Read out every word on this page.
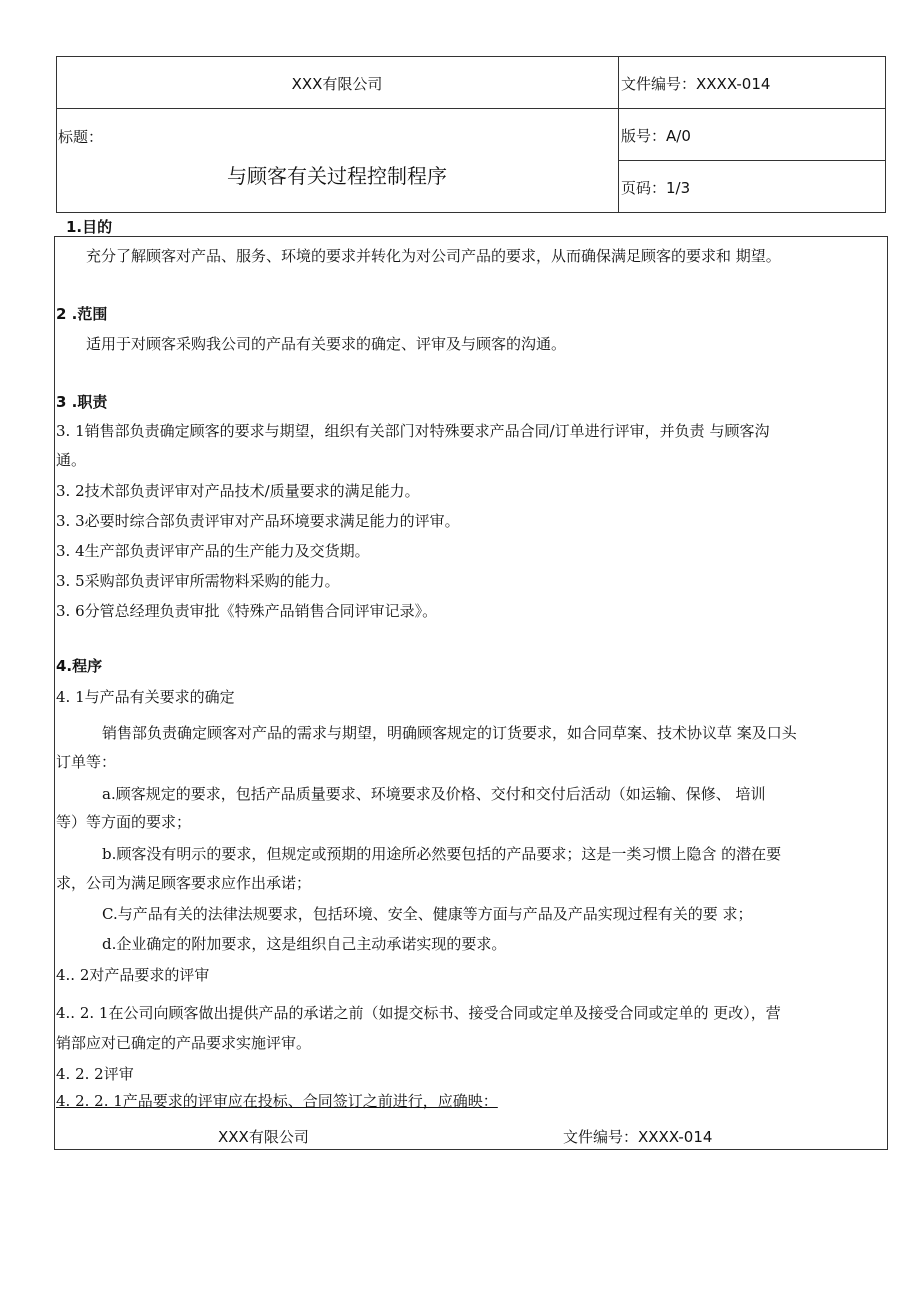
XXX有限公司	文件编号：XXXX-014
标题：
与顾客有关过程控制程序
版号：A/0
页码：1/3
1.目的
充分了解顾客对产品、服务、环境的要求并转化为对公司产品的要求，从而确保满足顾客的要求和 期望。
2 .范围
适用于对顾客采购我公司的产品有关要求的确定、评审及与顾客的沟通。
3 .职责
3. 1销售部负责确定顾客的要求与期望，组织有关部门对特殊要求产品合同/订单进行评审，并负责 与顾客沟
通。
3. 2技术部负责评审对产品技术/质量要求的满足能力。
3. 3必要时综合部负责评审对产品环境要求满足能力的评审。
3. 4生产部负责评审产品的生产能力及交货期。
3. 5采购部负责评审所需物料采购的能力。
3. 6分管总经理负责审批《特殊产品销售合同评审记录》。
4.程序
4. 1与产品有关要求的确定
销售部负责确定顾客对产品的需求与期望，明确顾客规定的订货要求，如合同草案、技术协议草 案及口头
订单等：
a.顾客规定的要求，包括产品质量要求、环境要求及价格、交付和交付后活动（如运输、保修、 培训
等）等方面的要求；
b.顾客没有明示的要求，但规定或预期的用途所必然要包括的产品要求；这是一类习惯上隐含 的潜在要
求，公司为满足顾客要求应作出承诺；
C.与产品有关的法律法规要求，包括环境、安全、健康等方面与产品及产品实现过程有关的要 求；
d.企业确定的附加要求，这是组织自己主动承诺实现的要求。
4.. 2对产品要求的评审
4.. 2. 1在公司向顾客做出提供产品的承诺之前（如提交标书、接受合同或定单及接受合同或定单的 更改），营
销部应对已确定的产品要求实施评审。
4. 2. 2评审
4. 2. 2. 1产品要求的评审应在投标、合同签订之前进行，应确映：
XXX有限公司	文件编号：XXXX-014
